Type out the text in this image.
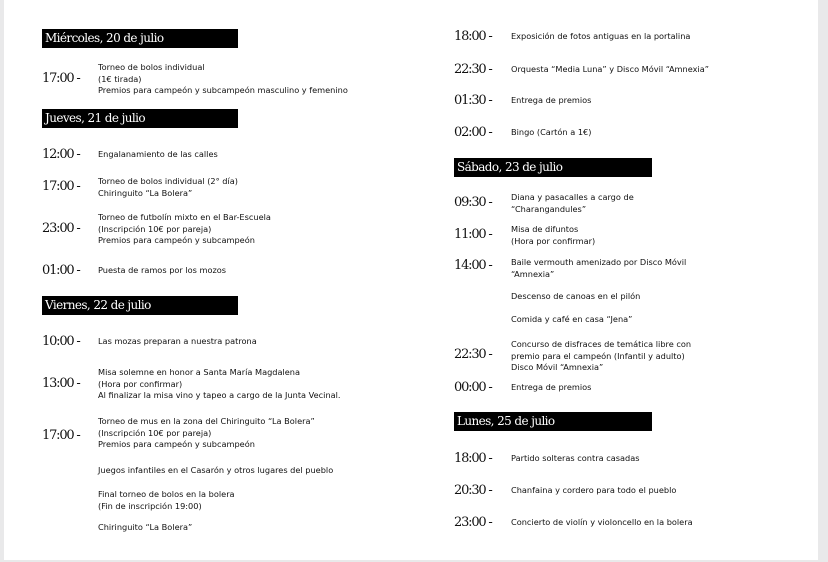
Miércoles, 20 de julio
17:00 -
Torneo de bolos individual
(1€ tirada)
Premios para campeón y subcampeón masculino y femenino
Jueves, 21 de julio
12:00 - Engalanamiento de las calles
17:00 - Torneo de bolos individual (2° día)
Chiringuito “La Bolera”
23:00 -
Torneo de futbolín mixto en el Bar-Escuela
(Inscripción 10€ por pareja)
Premios para campeón y subcampeón
01:00 - Puesta de ramos por los mozos
Viernes, 22 de julio
10:00 - Las mozas preparan a nuestra patrona
13:00 -
Misa solemne en honor a Santa María Magdalena
(Hora por confirmar)
Al finalizar la misa vino y tapeo a cargo de la Junta Vecinal.
17:00 -
Torneo de mus en la zona del Chiringuito “La Bolera”
(Inscripción 10€ por pareja)
Premios para campeón y subcampeón
Juegos infantiles en el Casarón y otros lugares del pueblo
Final torneo de bolos en la bolera
(Fin de inscripción 19:00)
Chiringuito “La Bolera”
18:00 - Exposición de fotos antiguas en la portalina
22:30 - Orquesta “Media Luna” y Disco Móvil “Amnexia”
01:30 - Entrega de premios
02:00 - Bingo (Cartón a 1€)
Sábado, 23 de julio
09:30 - Diana y pasacalles a cargo de
“Charangandules”
11:00 - Misa de difuntos
(Hora por confirmar)
14:00 - Baile vermouth amenizado por Disco Móvil
“Amnexia”
Descenso de canoas en el pilón
Comida y café en casa “Jena”
22:30 -
Concurso de disfraces de temática libre con
premio para el campeón (Infantil y adulto)
Disco Móvil “Amnexia”
00:00 - Entrega de premios
Lunes, 25 de julio
18:00 - Partido solteras contra casadas
20:30 - Chanfaina y cordero para todo el pueblo
23:00 - Concierto de violín y violoncello en la bolera
